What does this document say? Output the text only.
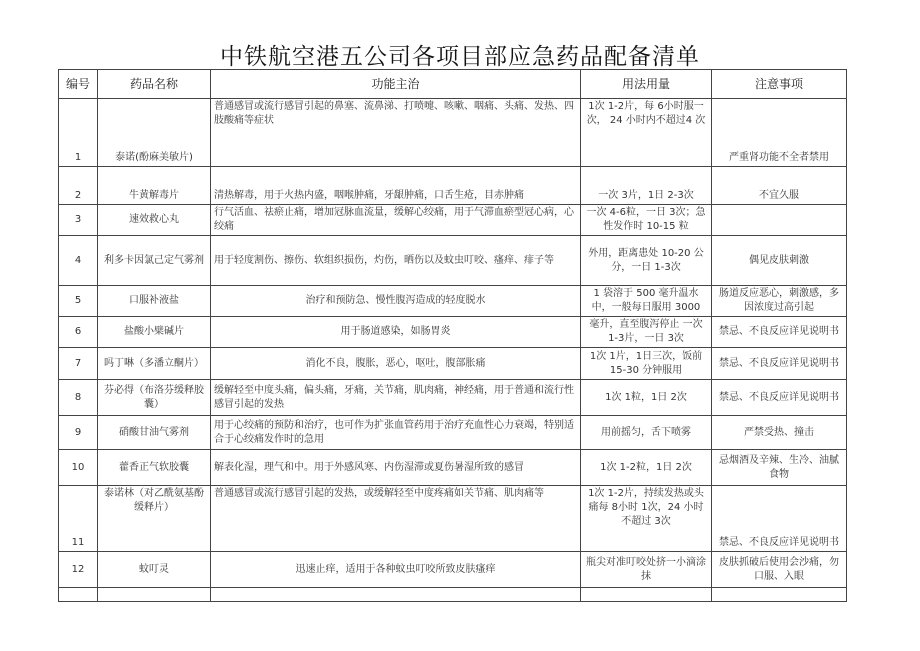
中铁航空港五公司各项目部应急药品配备清单
编号	药品名称	功能主治	用法用量	注意事项
1	泰诺(酚麻美敏片)	普通感冒或流行感冒引起的鼻塞、流鼻涕、打喷嚏、咳嗽、咽痛、头痛、发热、四肢酸痛等症状	1次 1-2片，每 6小时服一次， 24 小时内不超过4 次	严重肾功能不全者禁用
2	牛黄解毒片	清热解毒，用于火热内盛，咽喉肿痛，牙龈肿痛，口舌生疮，目赤肿痛	一次 3片，1日 2-3次	不宜久服
3	速效救心丸	行气活血、祛瘀止痛，增加冠脉血流量，缓解心绞痛，用于气滞血瘀型冠心病，心绞痛	一次 4-6粒，一日 3次；急性发作时 10-15 粒	
4	利多卡因氯己定气雾剂	用于轻度割伤、擦伤、软组织损伤，灼伤，晒伤以及蚊虫叮咬、瘙痒、痱子等	外用，距离患处 10-20 公分，一日 1-3次	偶见皮肤刺激
5	口服补液盐	治疗和预防急、慢性腹泻造成的轻度脱水	1 袋溶于 500 毫升温水中，一般每日服用 3000	肠道反应恶心，刺激感，多因浓度过高引起
6	盐酸小檗碱片	用于肠道感染，如肠胃炎	毫升，直至腹泻停止 一次 1-3片，一日 3次	禁忌、不良反应详见说明书
7	吗丁啉（多潘立酮片）	消化不良，腹胀，恶心，呕吐，腹部胀痛	1次 1片，1日三次，饭前 15-30 分钟服用	禁忌、不良反应详见说明书
8	芬必得（布洛芬缓释胶囊）	缓解轻至中度头痛，偏头痛，牙痛，关节痛，肌肉痛，神经痛，用于普通和流行性感冒引起的发热	1次 1粒，1日 2次	禁忌、不良反应详见说明书
9	硝酸甘油气雾剂	用于心绞痛的预防和治疗，也可作为扩张血管药用于治疗充血性心力衰竭，特别适合于心绞痛发作时的急用	用前摇匀，舌下喷雾	严禁受热、撞击
10	藿香正气软胶囊	解表化湿，理气和中。用于外感风寒、内伤湿滞或夏伤暑湿所致的感冒	1次 1-2粒，1日 2次	忌烟酒及辛辣、生冷、油腻食物
11	泰诺林（对乙酰氨基酚缓释片）	普通感冒或流行感冒引起的发热，或缓解轻至中度疼痛如关节痛、肌肉痛等	1次 1-2片，持续发热或头痛每 8小时 1次，24 小时不超过 3次	禁忌、不良反应详见说明书
12	蚊叮灵	迅速止痒，适用于各种蚊虫叮咬所致皮肤瘙痒	瓶尖对准叮咬处挤一小滴涂抹	皮肤抓破后使用会沙痛，勿口服、入眼
